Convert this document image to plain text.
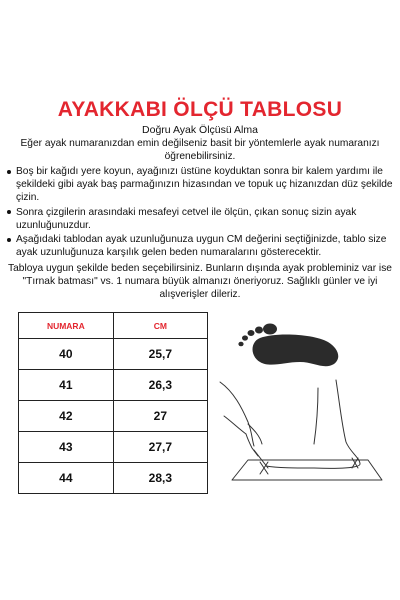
AYAKKABI ÖLÇÜ TABLOSU
Doğru Ayak Ölçüsü Alma
Eğer ayak numaranızdan emin değilseniz basit bir yöntemlerle ayak numaranızı öğrenebilirsiniz.
Boş bir kağıdı yere koyun, ayağınızı üstüne koyduktan sonra bir kalem yardımı ile şekildeki gibi ayak baş parmağınızın hizasından ve topuk uç hizanızdan düz şekilde çizin.
Sonra çizgilerin arasındaki mesafeyi cetvel ile ölçün, çıkan sonuç sizin ayak uzunluğunuzdur.
Aşağıdaki tablodan ayak uzunluğunuza uygun CM değerini seçtiğinizde, tablo size ayak uzunluğunuza karşılık gelen beden numaralarını gösterecektir.
Tabloya uygun şekilde beden seçebilirsiniz. Bunların dışında ayak probleminiz var ise "Tırnak batması" vs. 1 numara büyük almanızı öneriyoruz. Sağlıklı günler ve iyi alışverişler dileriz.
NUMARA	CM
40	25,7
41	26,3
42	27
43	27,7
44	28,3
